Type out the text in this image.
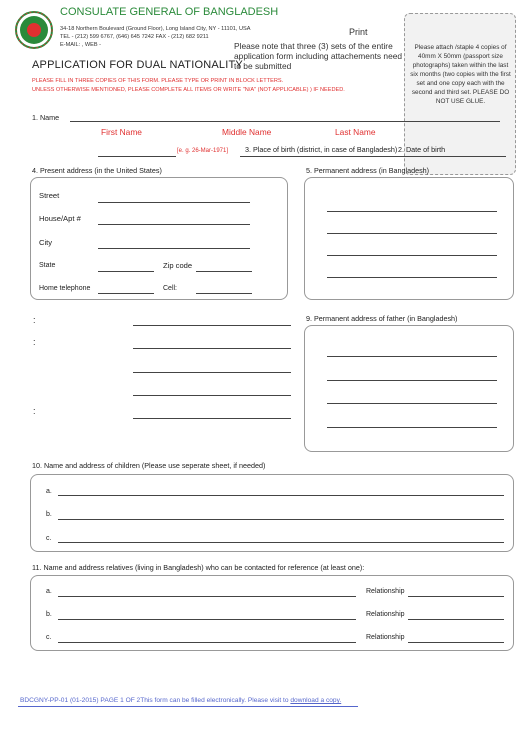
CONSULATE GENERAL OF BANGLADESH
34-18 Northern Boulevard (Ground Floor), Long Island City, NY - 11101, USA
TEL - (212) 599 6767, (646) 645 7242 FAX - (212) 682 9211
E-MAIL: , WEB -
Print
Please note that three (3) sets of the entire application form including attachements need to be submitted
Please attach /staple 4 copies of 40mm X 50mm (passport size photographs) taken within the last six months (two copies with the first set and one copy each with the second and third set. PLEASE DO NOT USE GLUE.
APPLICATION FOR DUAL NATIONALITY
PLEASE FILL IN THREE COPIES OF THIS FORM. PLEASE TYPE OR PRINT IN BLOCK LETTERS.
UNLESS OTHERWISE MENTIONED, PLEASE COMPLETE ALL ITEMS OR WRITE "N/A" (NOT APPLICABLE) ) IF NEEDED.
1. Name
First Name	Middle Name	Last Name
[e. g. 26-Mar-1971] 3. Place of birth (district, in case of Bangladesh) 2. Date of birth
4. Present address (in the United States)
Street
House/Apt #
City
State	Zip code
Home telephone	Cell:
5. Permanent address (in Bangladesh)
:
:
:
9. Permanent address of father (in Bangladesh)
10. Name and address of children (Please use seperate sheet, if needed)
a.
b.
c.
11. Name and address relatives (living in Bangladesh) who can be contacted for reference (at least one):
a.	Relationship
b.	Relationship
c.	Relationship
BDCGNY-PP-01 (01-2015) PAGE 1 OF 2This form can be filled electronically. Please visit to download a copy.
